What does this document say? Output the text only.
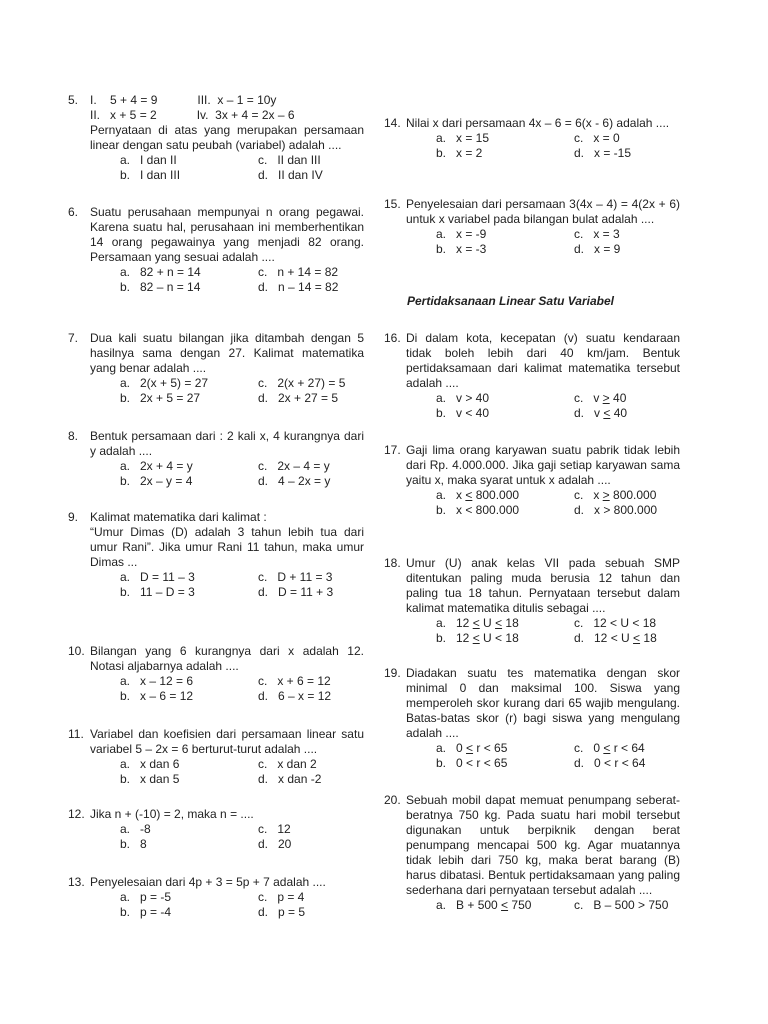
5. I.    5 + 4 = 9            III.  x – 1 = 10y
II.   x + 5 = 2            Iv.  3x + 4 = 2x – 6
Pernyataan di atas yang merupakan persamaan linear dengan satu peubah (variabel) adalah ....
a.   I dan II	c.   II dan III
b.   I dan III	d.   II dan IV
6. Suatu perusahaan mempunyai n orang pegawai. Karena suatu hal, perusahaan ini memberhentikan 14 orang pegawainya yang menjadi 82 orang. Persamaan yang sesuai adalah ....
a.   82 + n = 14	c.   n + 14 = 82
b.   82 – n = 14	d.   n – 14 = 82
7. Dua kali suatu bilangan jika ditambah dengan 5 hasilnya sama dengan 27. Kalimat matematika yang benar adalah ....
a.   2(x + 5) = 27	c.   2(x + 27) = 5
b.   2x + 5 = 27	d.   2x + 27 = 5
8. Bentuk persamaan dari : 2 kali x, 4 kurangnya dari y adalah ....
a.   2x + 4 = y	c.   2x – 4 = y
b.   2x – y = 4	d.   4 – 2x = y
9. Kalimat matematika dari kalimat :
“Umur Dimas (D) adalah 3 tahun lebih tua dari umur Rani”. Jika umur Rani 11 tahun, maka umur Dimas ...
a.   D = 11 – 3	c.   D + 11 = 3
b.   11 – D = 3	d.   D = 11 + 3
10. Bilangan yang 6 kurangnya dari x adalah 12. Notasi aljabarnya adalah ....
a.   x – 12 = 6	c.   x + 6 = 12
b.   x – 6 = 12	d.   6 – x = 12
11. Variabel dan koefisien dari persamaan linear satu variabel 5 – 2x = 6 berturut-turut adalah ....
a.   x dan 6	c.   x dan 2
b.   x dan 5	d.   x dan -2
12. Jika n + (-10) = 2, maka n = ....
a.   -8	c.   12
b.   8	d.   20
13. Penyelesaian dari 4p + 3 = 5p + 7 adalah ....
a.   p = -5	c.   p = 4
b.   p = -4	d.   p = 5
14. Nilai x dari persamaan 4x – 6 = 6(x - 6) adalah ....
a.   x = 15	c.   x = 0
b.   x = 2	d.   x = -15
15. Penyelesaian dari persamaan 3(4x – 4) = 4(2x + 6) untuk x variabel pada bilangan bulat adalah ....
a.   x = -9	c.   x = 3
b.   x = -3	d.   x = 9
16. Di dalam kota, kecepatan (v) suatu kendaraan tidak boleh lebih dari 40 km/jam. Bentuk pertidaksamaan dari kalimat matematika tersebut adalah ....
a.   v > 40	c.   v > 40
b.   v < 40	d.   v < 40
17. Gaji lima orang karyawan suatu pabrik tidak lebih dari Rp. 4.000.000. Jika gaji setiap karyawan sama yaitu x, maka syarat untuk x adalah ....
a.   x < 800.000	c.   x > 800.000
b.   x < 800.000	d.   x > 800.000
18. Umur (U) anak kelas VII pada sebuah SMP ditentukan paling muda berusia 12 tahun dan paling tua 18 tahun. Pernyataan tersebut dalam kalimat matematika ditulis sebagai ....
a.   12 < U < 18	c.   12 < U < 18
b.   12 < U < 18	d.   12 < U < 18
19. Diadakan suatu tes matematika dengan skor minimal 0 dan maksimal 100. Siswa yang memperoleh skor kurang dari 65 wajib mengulang. Batas-batas skor (r) bagi siswa yang mengulang adalah ....
a.   0 < r < 65	c.   0 < r < 64
b.   0 < r < 65	d.   0 < r < 64
20. Sebuah mobil dapat memuat penumpang seberat-beratnya 750 kg. Pada suatu hari mobil tersebut digunakan untuk berpiknik dengan berat penumpang mencapai 500 kg. Agar muatannya tidak lebih dari 750 kg, maka berat barang (B) harus dibatasi. Bentuk pertidaksamaan yang paling sederhana dari pernyataan tersebut adalah ....
a.   B + 500 < 750	c.   B – 500 > 750
Pertidaksanaan Linear Satu Variabel
